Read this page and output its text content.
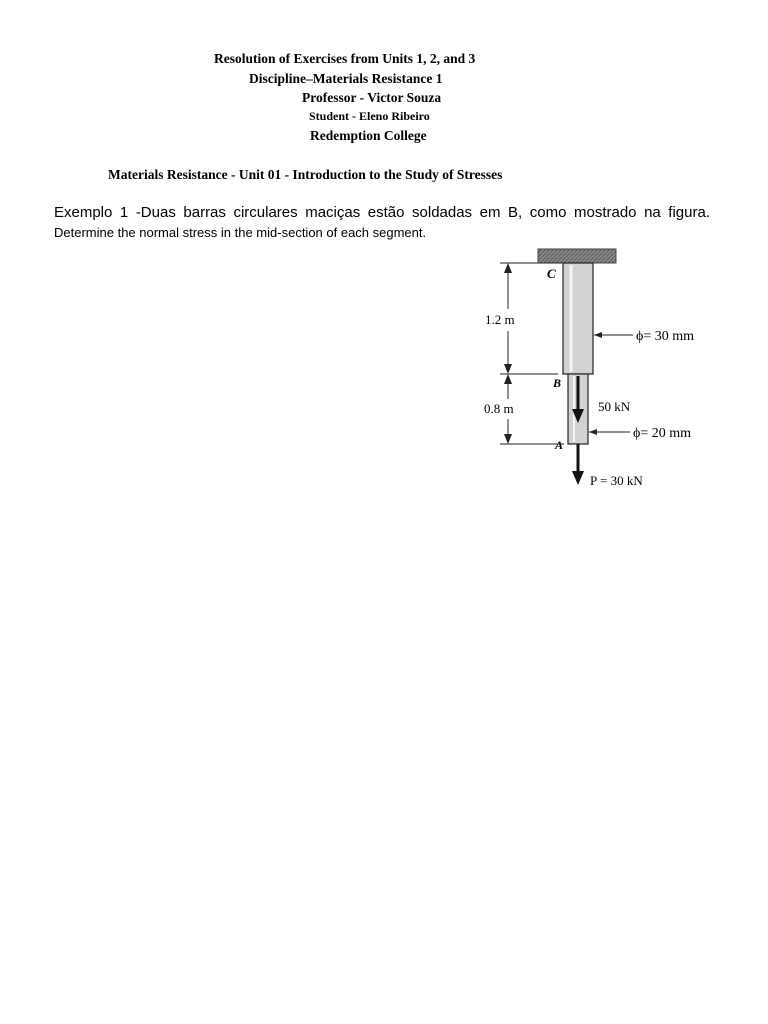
Resolution of Exercises from Units 1, 2, and 3
Discipline–Materials Resistance 1
Professor - Victor Souza
Student - Eleno Ribeiro
Redemption College
Materials Resistance - Unit 01 - Introduction to the Study of Stresses
Exemplo 1 -Duas barras circulares maciças estão soldadas em B, como mostrado na figura.
Determine the normal stress in the mid-section of each segment.
C
B
A
1.2 m
0.8 m
ϕ= 30 mm
ϕ= 20 mm
50 kN
P = 30 kN
